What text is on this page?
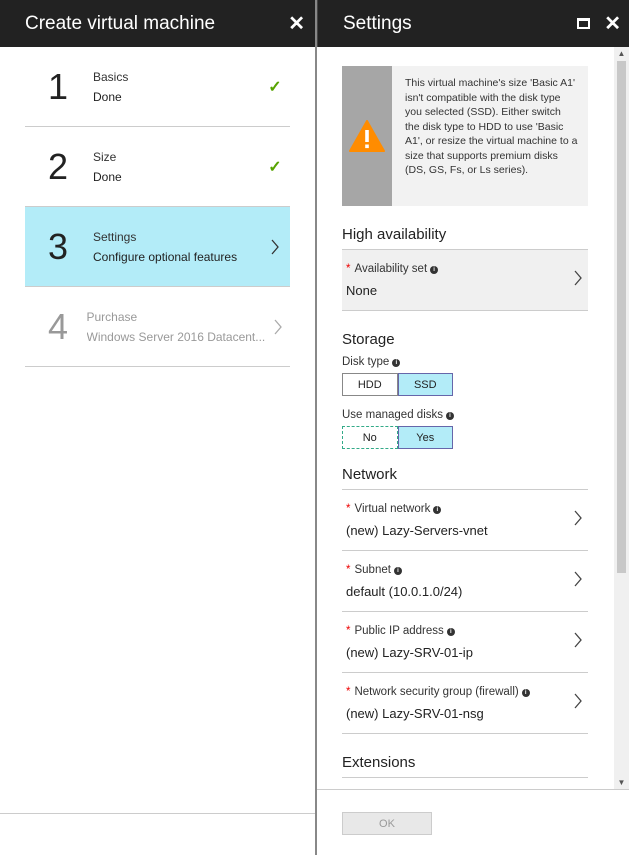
Create virtual machine	✕
1	Basics
Done
✓
2	Size
Done
✓
3	Settings
Configure optional features
4	Purchase
Windows Server 2016 Datacent...
Settings	✕
This virtual machine's size 'Basic A1' isn't compatible with the disk type you selected (SSD). Either switch the disk type to HDD to use 'Basic A1', or resize the virtual machine to a size that supports premium disks (DS, GS, Fs, or Ls series).
High availability
* Availability set i
None
Storage
Disk type i
HDD	SSD
Use managed disks i
No	Yes
Network
* Virtual network i
(new) Lazy-Servers-vnet
* Subnet i
default (10.0.1.0/24)
* Public IP address i
(new) Lazy-SRV-01-ip
* Network security group (firewall) i
(new) Lazy-SRV-01-nsg
Extensions
▲
▼
OK
